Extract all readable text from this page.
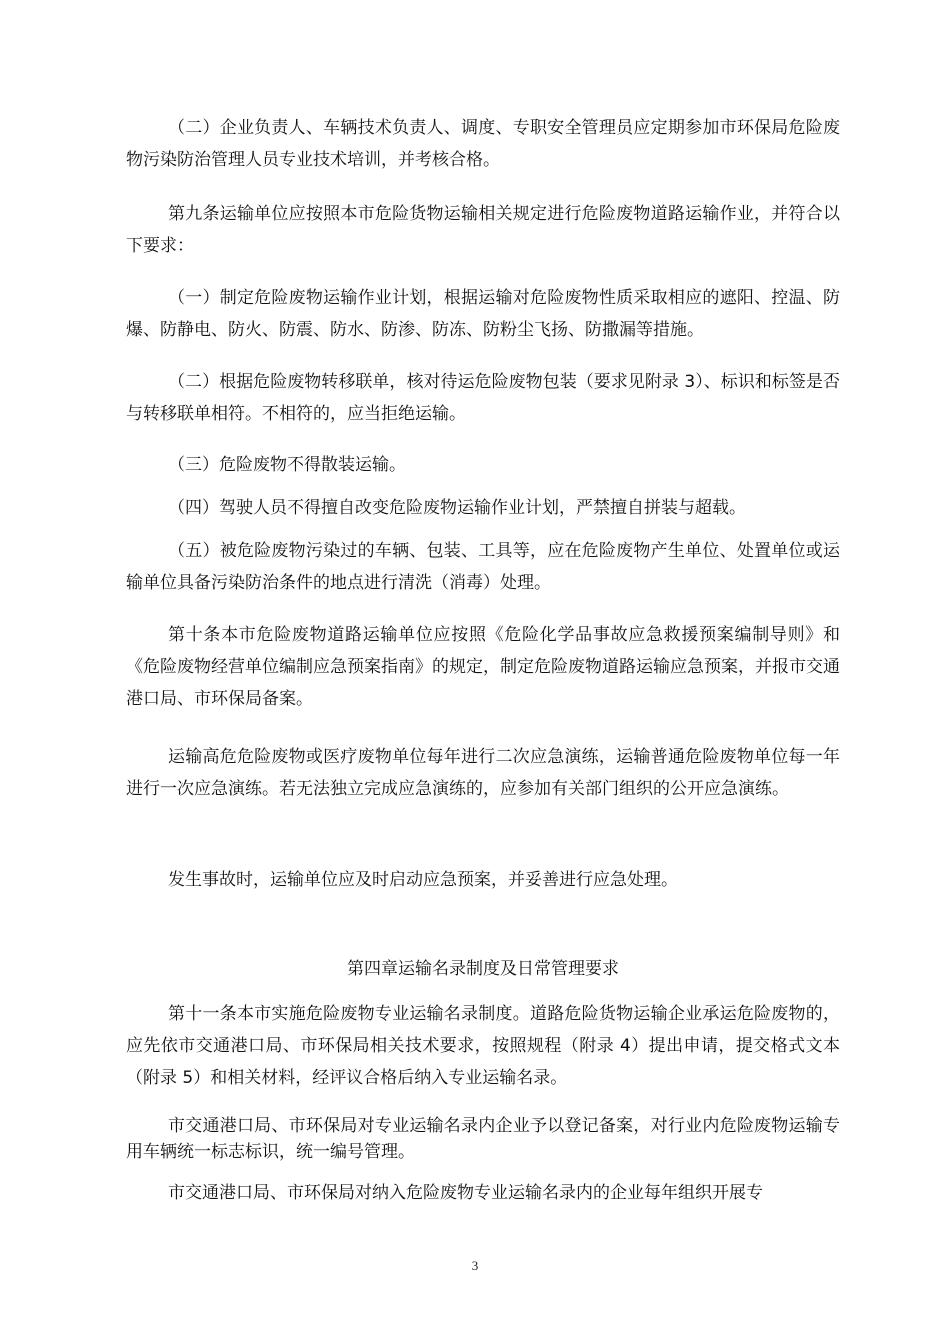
（二）企业负责人、车辆技术负责人、调度、专职安全管理员应定期参加市环保局危险废物污染防治管理人员专业技术培训，并考核合格。

第九条运输单位应按照本市危险货物运输相关规定进行危险废物道路运输作业，并符合以下要求：

（一）制定危险废物运输作业计划，根据运输对危险废物性质采取相应的遮阳、控温、防爆、防静电、防火、防震、防水、防渗、防冻、防粉尘飞扬、防撒漏等措施。

（二）根据危险废物转移联单，核对待运危险废物包装（要求见附录 3）、标识和标签是否与转移联单相符。不相符的，应当拒绝运输。

（三）危险废物不得散装运输。

（四）驾驶人员不得擅自改变危险废物运输作业计划，严禁擅自拼装与超载。

（五）被危险废物污染过的车辆、包装、工具等，应在危险废物产生单位、处置单位或运输单位具备污染防治条件的地点进行清洗（消毒）处理。

第十条本市危险废物道路运输单位应按照《危险化学品事故应急救援预案编制导则》和《危险废物经营单位编制应急预案指南》的规定，制定危险废物道路运输应急预案，并报市交通港口局、市环保局备案。

运输高危危险废物或医疗废物单位每年进行二次应急演练，运输普通危险废物单位每一年进行一次应急演练。若无法独立完成应急演练的，应参加有关部门组织的公开应急演练。

发生事故时，运输单位应及时启动应急预案，并妥善进行应急处理。

第四章运输名录制度及日常管理要求

第十一条本市实施危险废物专业运输名录制度。道路危险货物运输企业承运危险废物的，应先依市交通港口局、市环保局相关技术要求，按照规程（附录 4）提出申请，提交格式文本（附录 5）和相关材料，经评议合格后纳入专业运输名录。

市交通港口局、市环保局对专业运输名录内企业予以登记备案，对行业内危险废物运输专用车辆统一标志标识，统一编号管理。

市交通港口局、市环保局对纳入危险废物专业运输名录内的企业每年组织开展专

3
